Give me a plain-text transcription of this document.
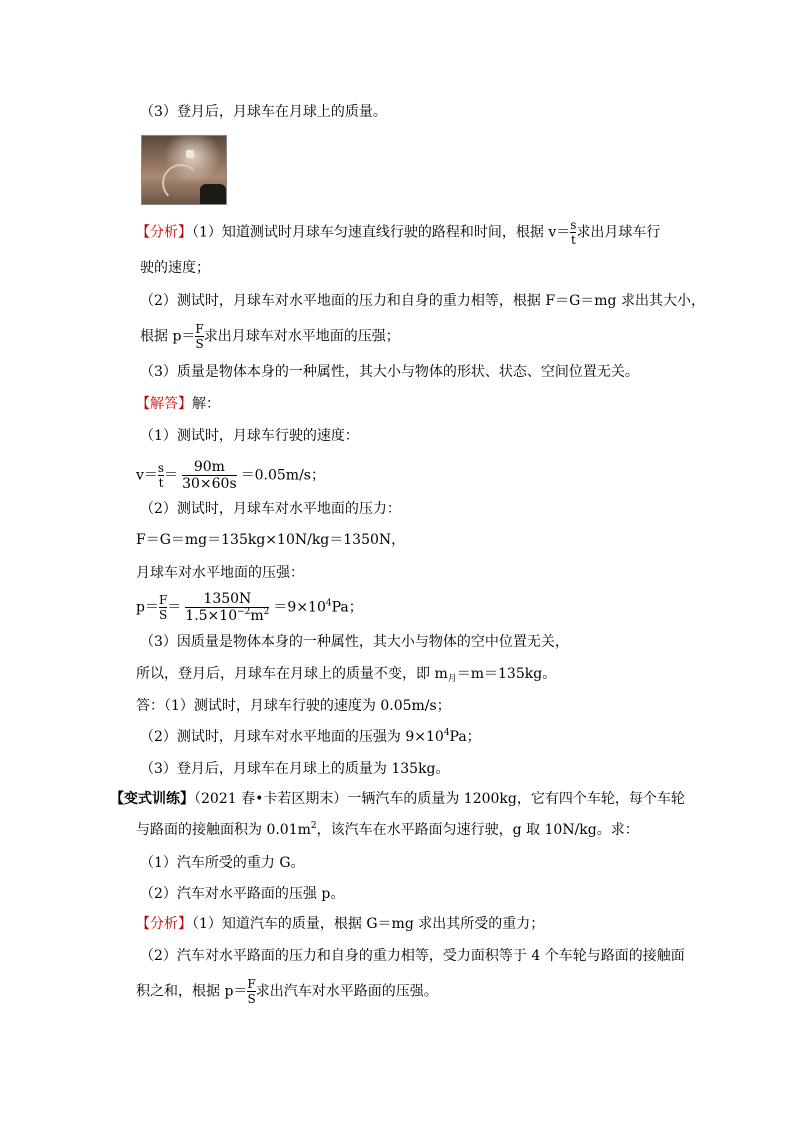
（3）登月后，月球车在月球上的质量。
【分析】（1）知道测试时月球车匀速直线行驶的路程和时间，根据 $v= \frac{s}{t}$ 求出月球车行
驶的速度；
（2）测试时，月球车对水平地面的压力和自身的重力相等，根据 F＝G＝mg 求出其大小，
根据 $p= \frac{F}{S}$ 求出月球车对水平地面的压强；
（3）质量是物体本身的一种属性，其大小与物体的形状、状态、空间位置无关。
【解答】解：
（1）测试时，月球车行驶的速度：
$v= \frac{s}{t} = \frac{90m}{30\times 60s} =0.05m/s$；
（2）测试时，月球车对水平地面的压力：
F＝G＝mg＝135kg×10N/kg＝1350N，
月球车对水平地面的压强：
$p= \frac{F}{S} = \frac{1350N}{1.5\times 10^{-2}m^2} =9\times 10^4Pa$；
（3）因质量是物体本身的一种属性，其大小与物体的空中位置无关，
所以，登月后，月球车在月球上的质量不变，即 $m_月=m=135kg$。
答：（1）测试时，月球车行驶的速度为 0.05m/s；
（2）测试时，月球车对水平地面的压强为 $9\times 10^4Pa$；
（3）登月后，月球车在月球上的质量为 135kg。
【变式训练】（2021 春•卡若区期末）一辆汽车的质量为 1200kg，它有四个车轮，每个车轮
与路面的接触面积为 $0.01m^2$，该汽车在水平路面匀速行驶，g 取 10N/kg。求：
（1）汽车所受的重力 G。
（2）汽车对水平路面的压强 p。
【分析】（1）知道汽车的质量，根据 G＝mg 求出其所受的重力；
（2）汽车对水平路面的压力和自身的重力相等，受力面积等于 4 个车轮与路面的接触面
积之和，根据 $p= \frac{F}{S}$ 求出汽车对水平路面的压强。
